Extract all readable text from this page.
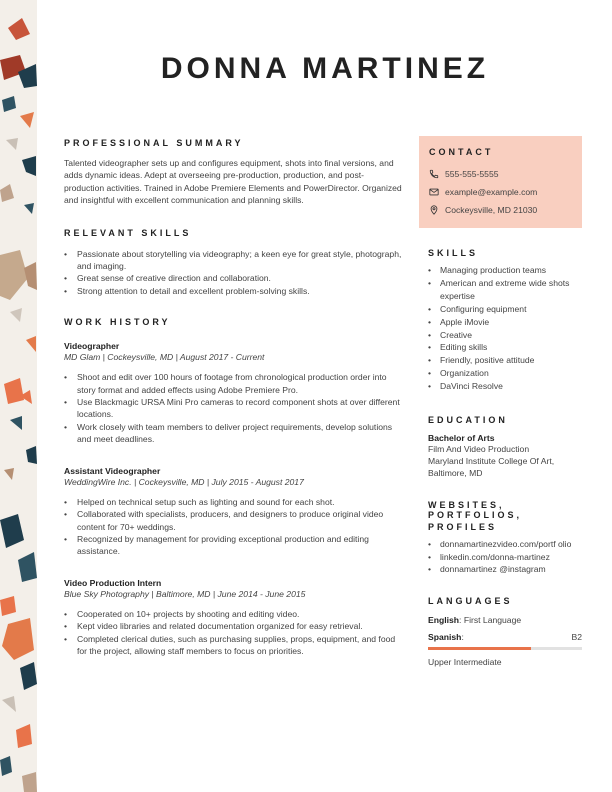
DONNA MARTINEZ
PROFESSIONAL SUMMARY

Talented videographer sets up and configures equipment, shots into final versions, and adds dynamic ideas. Adept at overseeing pre-production, production, and post-production activities. Trained in Adobe Premiere Elements and PowerDirector. Organized and insightful with excellent communication and planning skills.

RELEVANT SKILLS
• Passionate about storytelling via videography; a keen eye for great style, photograph, and imaging.
• Great sense of creative direction and collaboration.
• Strong attention to detail and excellent problem-solving skills.
WORK HISTORY
Videographer
MD Glam | Cockeysville, MD | August 2017 - Current
• Shoot and edit over 100 hours of footage from chronological production order into story format and added effects using Adobe Premiere Pro.
• Use Blackmagic URSA Mini Pro cameras to record component shots at over different locations.
• Work closely with team members to deliver project requirements, develop solutions and meet deadlines.
Assistant Videographer
WeddingWire Inc. | Cockeysville, MD | July 2015 - August 2017
• Helped on technical setup such as lighting and sound for each shot.
• Collaborated with specialists, producers, and designers to produce original video content for 70+ weddings.
• Recognized by management for providing exceptional production and editing assistance.
Video Production Intern
Blue Sky Photography | Baltimore, MD | June 2014 - June 2015
• Cooperated on 10+ projects by shooting and editing video.
• Kept video libraries and related documentation organized for easy retrieval.
• Completed clerical duties, such as purchasing supplies, props, equipment, and food for the project, allowing staff members to focus on priorities.
CONTACT
555-555-5555
example@example.com
Cockeysville, MD 21030
SKILLS
• Managing production teams
• American and extreme wide shots expertise
• Configuring equipment
• Apple iMovie
• Creative
• Editing skills
• Friendly, positive attitude
• Organization
• DaVinci Resolve
EDUCATION
Bachelor of Arts
Film And Video Production
Maryland Institute College Of Art,
Baltimore, MD
WEBSITES, PORTFOLIOS,
PROFILES
• donnamartinezvideo.com/portf olio
• linkedin.com/donna-martinez
• donnamartinez @instagram
LANGUAGES
English: First Language
Spanish:	B2
Upper Intermediate
